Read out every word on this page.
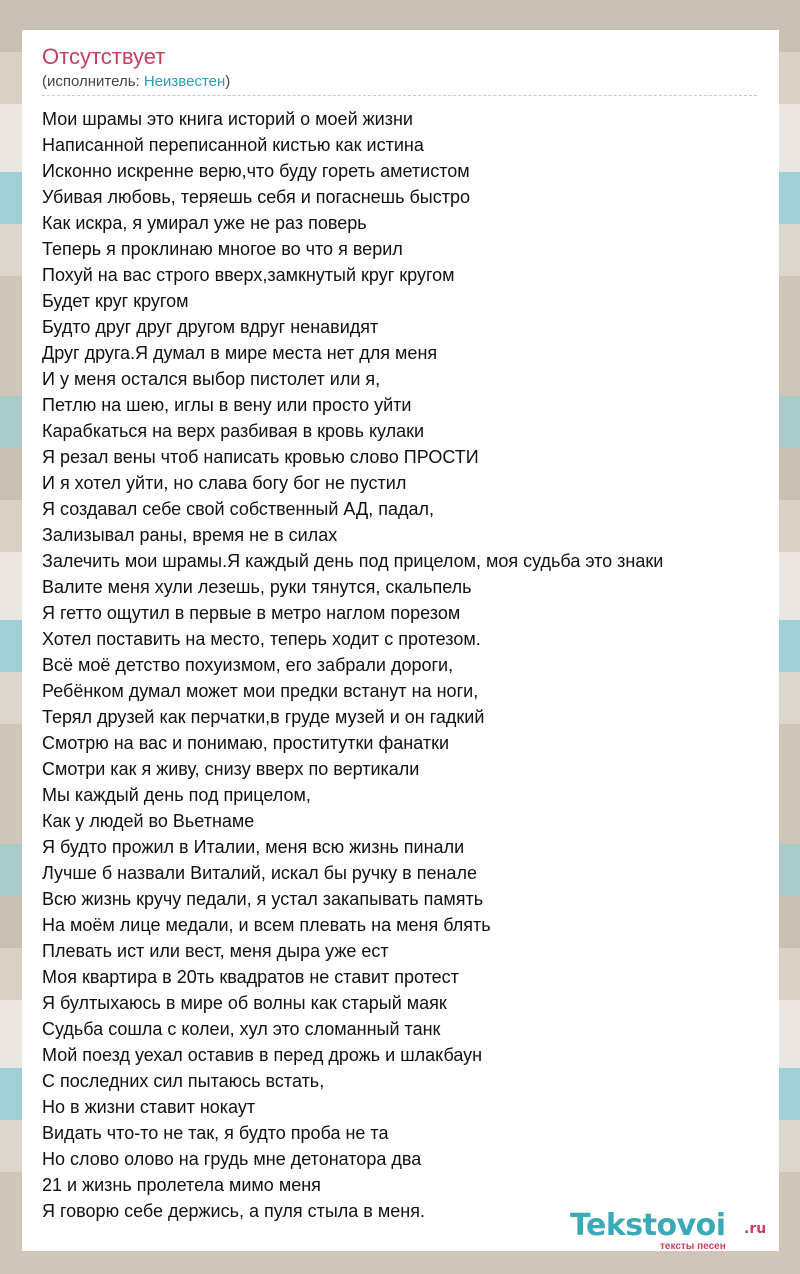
Отсутствует
(исполнитель: Неизвестен)
Мои шрамы это книга историй о моей жизни
Написанной переписанной кистью как истина
Исконно искренне верю,что буду гореть аметистом
Убивая любовь, теряешь себя и погаснешь быстро
Как искра, я умирал уже не раз поверь
Теперь я проклинаю многое во что я верил
Похуй на вас строго вверх,замкнутый круг кругом
Будет круг кругом
Будто друг друг другом вдруг ненавидят
Друг друга.Я думал в мире места нет для меня
И у меня остался выбор пистолет или я,
Петлю на шею, иглы в вену или просто уйти
Карабкаться на верх разбивая в кровь кулаки
Я резал вены чтоб написать кровью слово ПРОСТИ
И я хотел уйти, но слава богу бог не пустил
Я создавал себе свой собственный АД, падал,
Зализывал раны, время не в силах
Залечить мои шрамы.Я каждый день под прицелом, моя судьба это знаки
Валите меня хули лезешь, руки тянутся, скальпель
Я гетто ощутил в первые в метро наглом порезом
Хотел поставить на место, теперь ходит с протезом.
Всё моё детство похуизмом, его забрали дороги,
Ребёнком думал может мои предки встанут на ноги,
Терял друзей как перчатки,в груде музей и он гадкий
Смотрю на вас и понимаю, проститутки фанатки
Смотри как я живу, снизу вверх по вертикали
Мы каждый день под прицелом,
Как у людей во Вьетнаме
Я будто прожил в Италии, меня всю жизнь пинали
Лучше б назвали Виталий, искал бы ручку в пенале
Всю жизнь кручу педали, я устал закапывать память
На моём лице медали, и всем плевать на меня блять
Плевать ист или вест, меня дыра уже ест
Моя квартира в 20ть квадратов не ставит протест
Я бултыхаюсь в мире об волны как старый маяк
Судьба сошла с колеи, хул это сломанный танк
Мой поезд уехал оставив в перед дрожь и шлакбаун
С последних сил пытаюсь встать,
Но в жизни ставит нокаут
Видать что-то не так, я будто проба не та
Но слово олово на грудь мне детонатора два
21 и жизнь пролетела мимо меня
Я говорю себе держись, а пуля стыла в меня.	Tekstovoi .ru
тексты песен
